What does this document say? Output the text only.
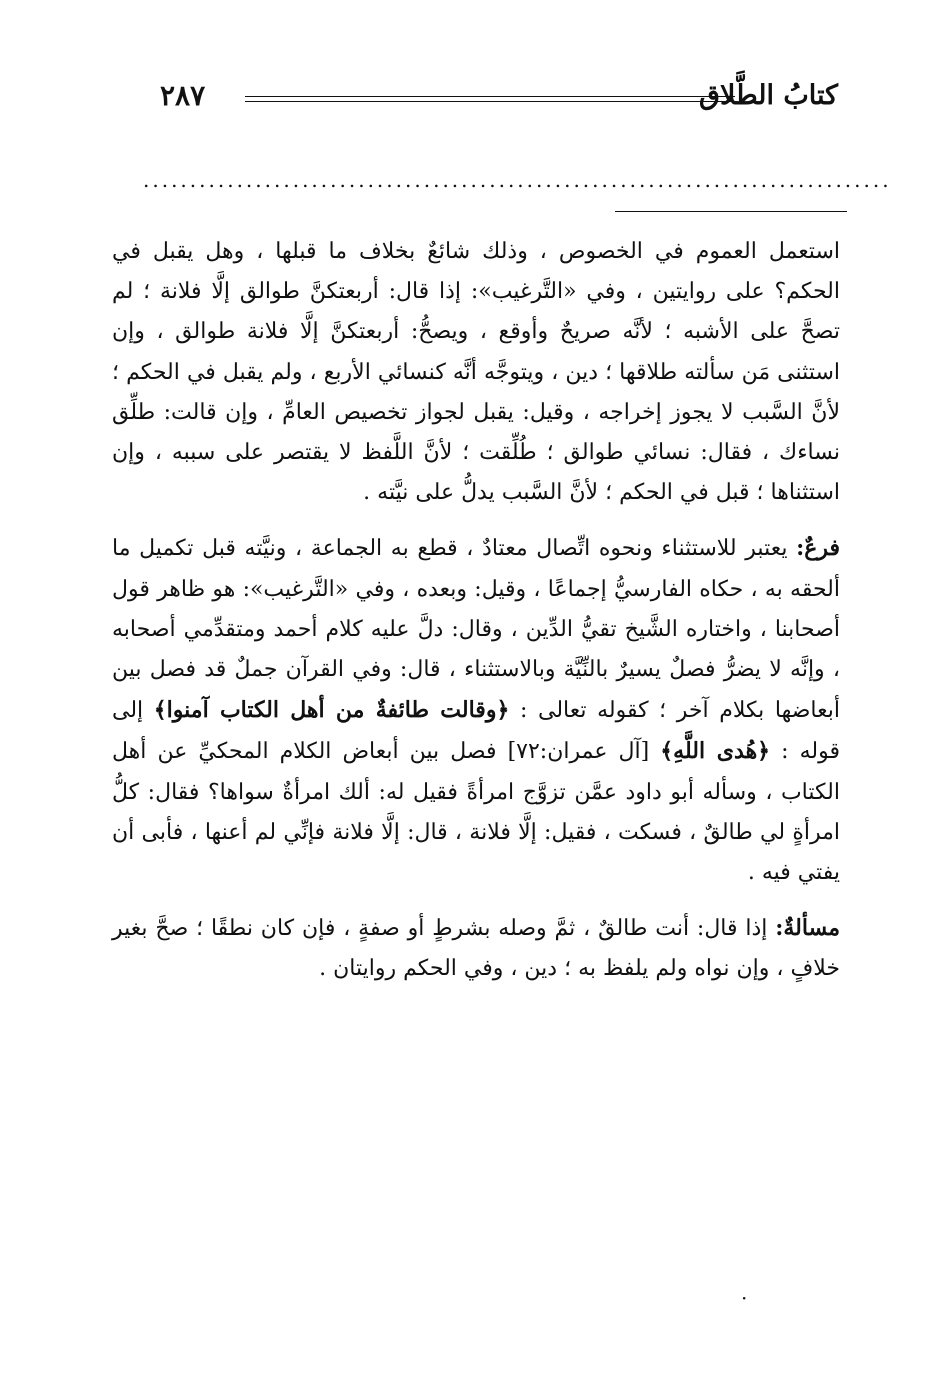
كتابُ الطَّلاق
٢٨٧
................................................................................

استعمل العموم في الخصوص ، وذلك شائعٌ بخلاف ما قبلها ، وهل يقبل في الحكم؟ على روايتين ، وفي «التَّرغيب»: إذا قال: أربعتكنَّ طوالق إلَّا فلانة ؛ لم تصحَّ على الأشبه ؛ لأنَّه صريحٌ وأوقع ، ويصحُّ: أربعتكنَّ إلَّا فلانة طوالق ، وإن استثنى مَن سألته طلاقها ؛ دين ، ويتوجَّه أنَّه كنسائي الأربع ، ولم يقبل في الحكم ؛ لأنَّ السَّبب لا يجوز إخراجه ، وقيل: يقبل لجواز تخصيص العامِّ ، وإن قالت: طلِّق نساءك ، فقال: نسائي طوالق ؛ طُلِّقت ؛ لأنَّ اللَّفظ لا يقتصر على سببه ، وإن استثناها ؛ قبل في الحكم ؛ لأنَّ السَّبب يدلُّ على نيَّته .

فرعٌ: يعتبر للاستثناء ونحوه اتِّصال معتادٌ ، قطع به الجماعة ، ونيَّته قبل تكميل ما ألحقه به ، حكاه الفارسيُّ إجماعًا ، وقيل: وبعده ، وفي «التَّرغيب»: هو ظاهر قول أصحابنا ، واختاره الشَّيخ تقيُّ الدِّين ، وقال: دلَّ عليه كلام أحمد ومتقدِّمي أصحابه ، وإنَّه لا يضرُّ فصلٌ يسيرٌ بالنِّيَّة وبالاستثناء ، قال: وفي القرآن جملٌ قد فصل بين أبعاضها بكلام آخر ؛ كقوله تعالى : ﴿وقالت طائفةٌ من أهل الكتاب آمنوا﴾ إلى قوله : ﴿هُدى اللَّهِ﴾ [آل عمران:٧٢] فصل بين أبعاض الكلام المحكيِّ عن أهل الكتاب ، وسأله أبو داود عمَّن تزوَّج امرأةً فقيل له: ألك امرأةٌ سواها؟ فقال: كلُّ امرأةٍ لي طالقٌ ، فسكت ، فقيل: إلَّا فلانة ، قال: إلَّا فلانة فإنِّي لم أعنها ، فأبى أن يفتي فيه .

مسألةٌ: إذا قال: أنت طالقٌ ، ثمَّ وصله بشرطٍ أو صفةٍ ، فإن كان نطقًا ؛ صحَّ بغير خلافٍ ، وإن نواه ولم يلفظ به ؛ دين ، وفي الحكم روايتان .

·
